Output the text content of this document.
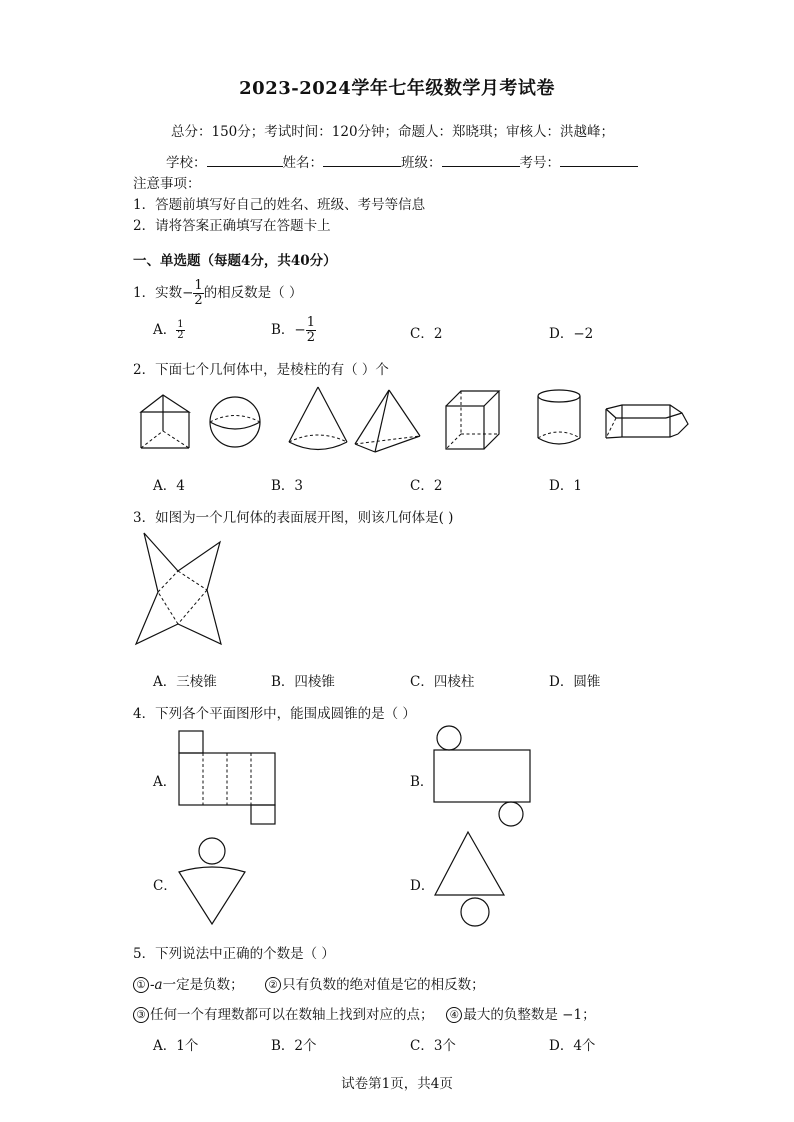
2023-2024学年七年级数学月考试卷
总分：150分；考试时间：120分钟；命题人：郑晓琪；审核人：洪越峰；
学校：	姓名：	班级：	考号：
注意事项：
1．答题前填写好自己的姓名、班级、考号等信息
2．请将答案正确填写在答题卡上
一、单选题（每题4分，共40分）
1．实数− $\frac{1}{2}$ 的相反数是（ ）
A． $\frac{1}{2}$	B．− $\frac{1}{2}$	C．2	D．−2
2．下面七个几何体中，是棱柱的有（ ）个
A．4	B．3	C．2	D．1
3．如图为一个几何体的表面展开图，则该几何体是( )
A．三棱锥	B．四棱锥	C．四棱柱	D．圆锥
4．下列各个平面图形中，能围成圆锥的是（ ）
A．	B．
C．	D．
5．下列说法中正确的个数是（ ）
① -a一定是负数； ② 只有负数的绝对值是它的相反数；
③ 任何一个有理数都可以在数轴上找到对应的点； ④ 最大的负整数是 −1；
A．1个	B．2个	C．3个	D．4个
试卷第1页，共4页
